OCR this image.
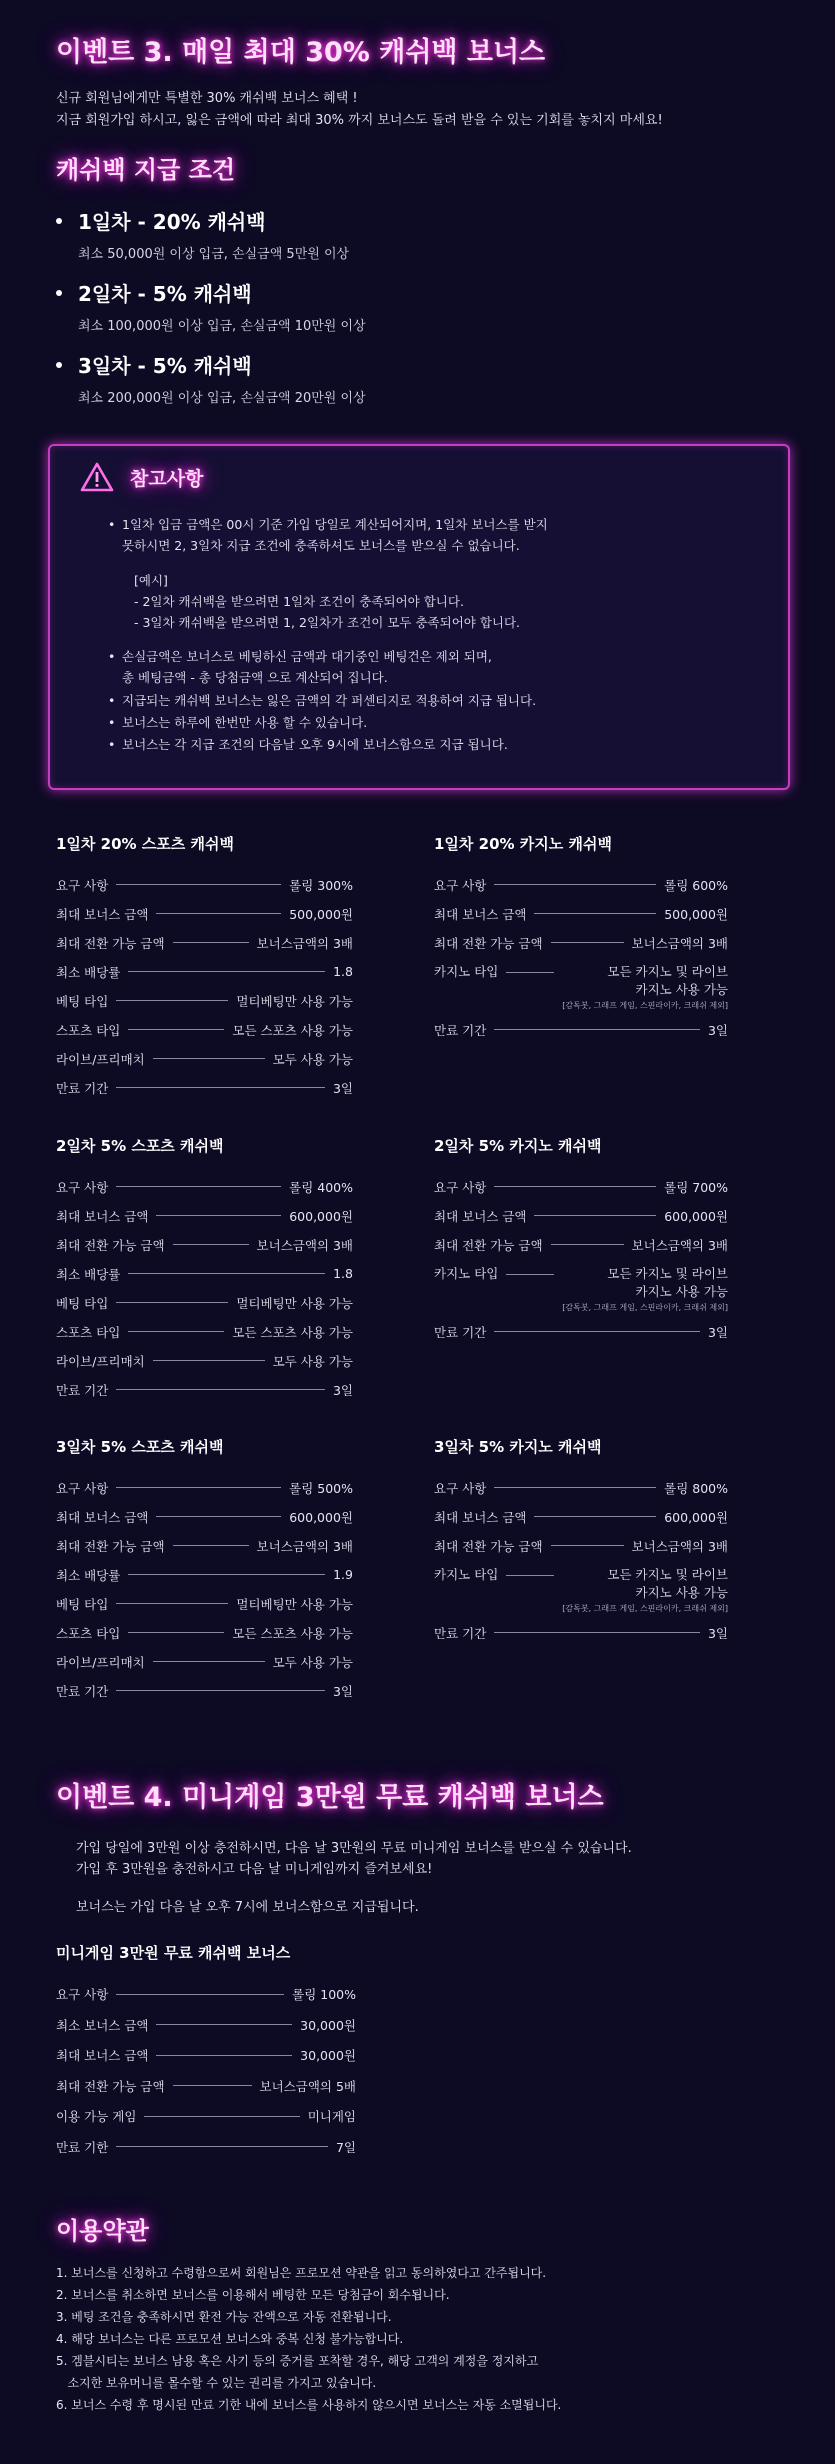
이벤트 3. 매일 최대 30% 캐쉬백 보너스
신규 회원님에게만 특별한 30% 캐쉬백 보너스 혜택 !
지금 회원가입 하시고, 잃은 금액에 따라 최대 30% 까지 보너스도 돌려 받을 수 있는 기회를 놓치지 마세요!
캐쉬백 지급 조건
1일차 - 20% 캐쉬백
최소 50,000원 이상 입금, 손실금액 5만원 이상
2일차 - 5% 캐쉬백
최소 100,000원 이상 입금, 손실금액 10만원 이상
3일차 - 5% 캐쉬백
최소 200,000원 이상 입금, 손실금액 20만원 이상
참고사항
• 1일차 입금 금액은 00시 기준 가입 당일로 계산되어지며, 1일차 보너스를 받지
못하시면 2, 3일차 지급 조건에 충족하셔도 보너스를 받으실 수 없습니다.
[예시]
- 2일차 캐쉬백을 받으려면 1일차 조건이 충족되어야 합니다.
- 3일차 캐쉬백을 받으려면 1, 2일차가 조건이 모두 충족되어야 합니다.
• 손실금액은 보너스로 베팅하신 금액과 대기중인 베팅건은 제외 되며,
총 베팅금액 - 총 당첨금액 으로 계산되어 집니다.
• 지급되는 캐쉬백 보너스는 잃은 금액의 각 퍼센티지로 적용하여 지급 됩니다.
• 보너스는 하루에 한번만 사용 할 수 있습니다.
• 보너스는 각 지급 조건의 다음날 오후 9시에 보너스함으로 지급 됩니다.
1일차 20% 스포츠 캐쉬백
요구 사항	롤링 300%
최대 보너스 금액	500,000원
최대 전환 가능 금액	보너스금액의 3배
최소 배당률	1.8
베팅 타입	멀티베팅만 사용 가능
스포츠 타입	모든 스포츠 사용 가능
라이브/프리매치	모두 사용 가능
만료 기간	3일
2일차 5% 스포츠 캐쉬백
요구 사항	롤링 400%
최대 보너스 금액	600,000원
최대 전환 가능 금액	보너스금액의 3배
최소 배당률	1.8
베팅 타입	멀티베팅만 사용 가능
스포츠 타입	모든 스포츠 사용 가능
라이브/프리매치	모두 사용 가능
만료 기간	3일
3일차 5% 스포츠 캐쉬백
요구 사항	롤링 500%
최대 보너스 금액	600,000원
최대 전환 가능 금액	보너스금액의 3배
최소 배당률	1.9
베팅 타입	멀티베팅만 사용 가능
스포츠 타입	모든 스포츠 사용 가능
라이브/프리매치	모두 사용 가능
만료 기간	3일
1일차 20% 카지노 캐쉬백
요구 사항	롤링 600%
최대 보너스 금액	500,000원
최대 전환 가능 금액	보너스금액의 3배
카지노 타입	모든 카지노 및 라이브
카지노 사용 가능
[감독봇, 그래프 게임, 스핀라이카, 크래쉬 제외]
만료 기간	3일
2일차 5% 카지노 캐쉬백
요구 사항	롤링 700%
최대 보너스 금액	600,000원
최대 전환 가능 금액	보너스금액의 3배
카지노 타입	모든 카지노 및 라이브
카지노 사용 가능
[감독봇, 그래프 게임, 스핀라이카, 크래쉬 제외]
만료 기간	3일
3일차 5% 카지노 캐쉬백
요구 사항	롤링 800%
최대 보너스 금액	600,000원
최대 전환 가능 금액	보너스금액의 3배
카지노 타입	모든 카지노 및 라이브
카지노 사용 가능
[감독봇, 그래프 게임, 스핀라이카, 크래쉬 제외]
만료 기간	3일
이벤트 4. 미니게임 3만원 무료 캐쉬백 보너스
가입 당일에 3만원 이상 충전하시면, 다음 날 3만원의 무료 미니게임 보너스를 받으실 수 있습니다.
가입 후 3만원을 충전하시고 다음 날 미니게임까지 즐겨보세요!
보너스는 가입 다음 날 오후 7시에 보너스함으로 지급됩니다.
미니게임 3만원 무료 캐쉬백 보너스
요구 사항	롤링 100%
최소 보너스 금액	30,000원
최대 보너스 금액	30,000원
최대 전환 가능 금액	보너스금액의 5배
이용 가능 게임	미니게임
만료 기한	7일
이용약관
1. 보너스를 신청하고 수령함으로써 회원님은 프로모션 약관을 읽고 동의하였다고 간주됩니다.
2. 보너스를 취소하면 보너스를 이용해서 베팅한 모든 당첨금이 회수됩니다.
3. 베팅 조건을 충족하시면 환전 가능 잔액으로 자동 전환됩니다.
4. 해당 보너스는 다른 프로모션 보너스와 중복 신청 불가능합니다.
5. 겜블시티는 보너스 남용 혹은 사기 등의 증거를 포착할 경우, 해당 고객의 계정을 정지하고
소지한 보유머니를 몰수할 수 있는 권리를 가지고 있습니다.
6. 보너스 수령 후 명시된 만료 기한 내에 보너스를 사용하지 않으시면 보너스는 자동 소멸됩니다.
